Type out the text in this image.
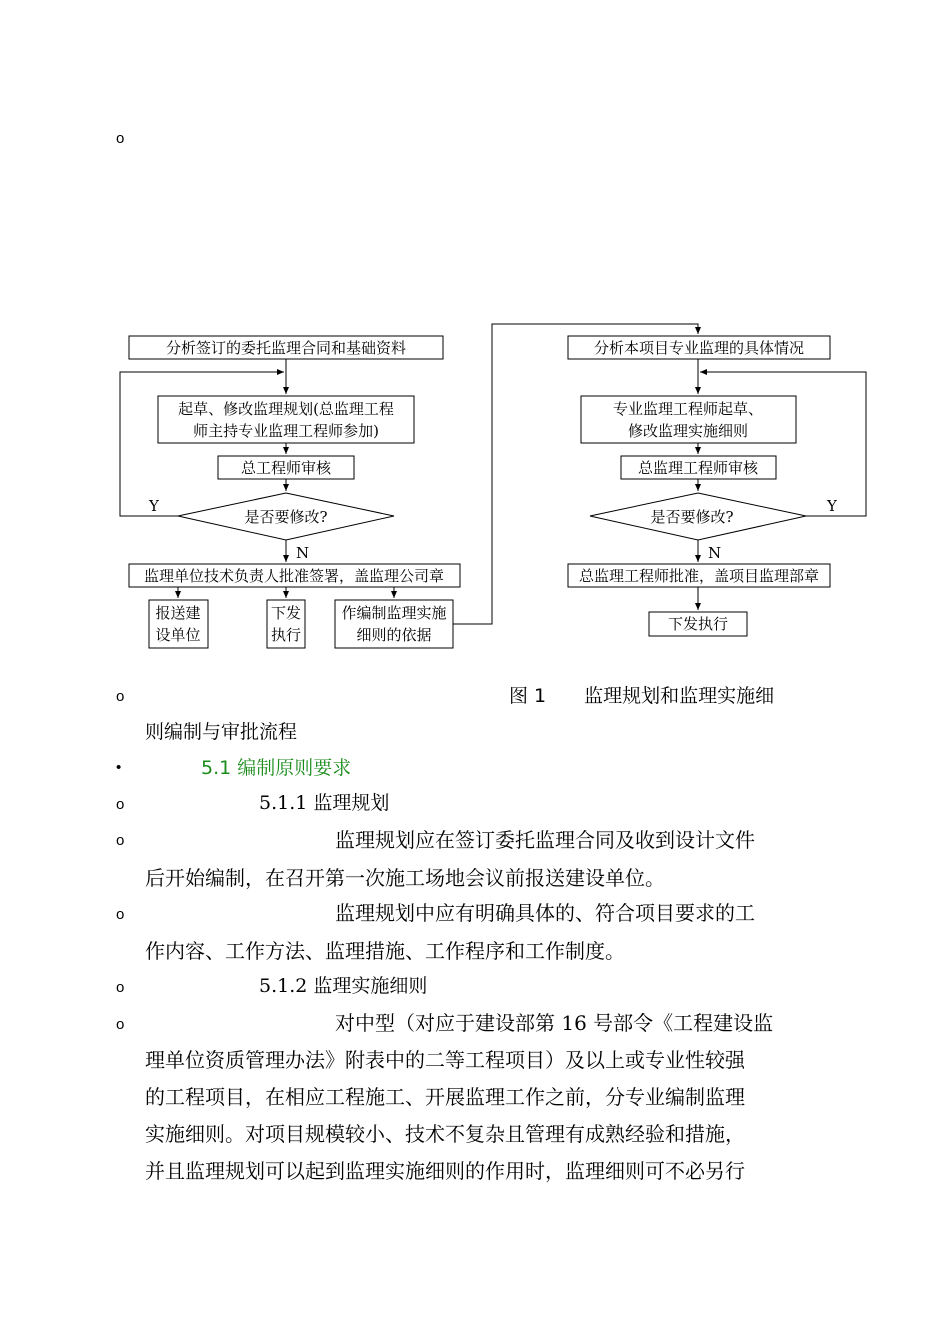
o
分析签订的委托监理合同和基础资料
起草、修改监理规划(总监理工程
师主持专业监理工程师参加)
总工程师审核
是否要修改?
Y
N
监理单位技术负责人批准签署，盖监理公司章
报送建
设单位
下发
执行
作编制监理实施
细则的依据
分析本项目专业监理的具体情况
专业监理工程师起草、
修改监理实施细则
总监理工程师审核
是否要修改?
Y
N
总监理工程师批准，盖项目监理部章
下发执行
o	图 1　　监理规划和监理实施细
则编制与审批流程
•	5.1 编制原则要求
o	5.1.1 监理规划
o	监理规划应在签订委托监理合同及收到设计文件
后开始编制，在召开第一次施工场地会议前报送建设单位。
o	监理规划中应有明确具体的、符合项目要求的工
作内容、工作方法、监理措施、工作程序和工作制度。
o	5.1.2 监理实施细则
o	对中型（对应于建设部第 16 号部令《工程建设监
理单位资质管理办法》附表中的二等工程项目）及以上或专业性较强
的工程项目，在相应工程施工、开展监理工作之前，分专业编制监理
实施细则。对项目规模较小、技术不复杂且管理有成熟经验和措施，
并且监理规划可以起到监理实施细则的作用时，监理细则可不必另行
